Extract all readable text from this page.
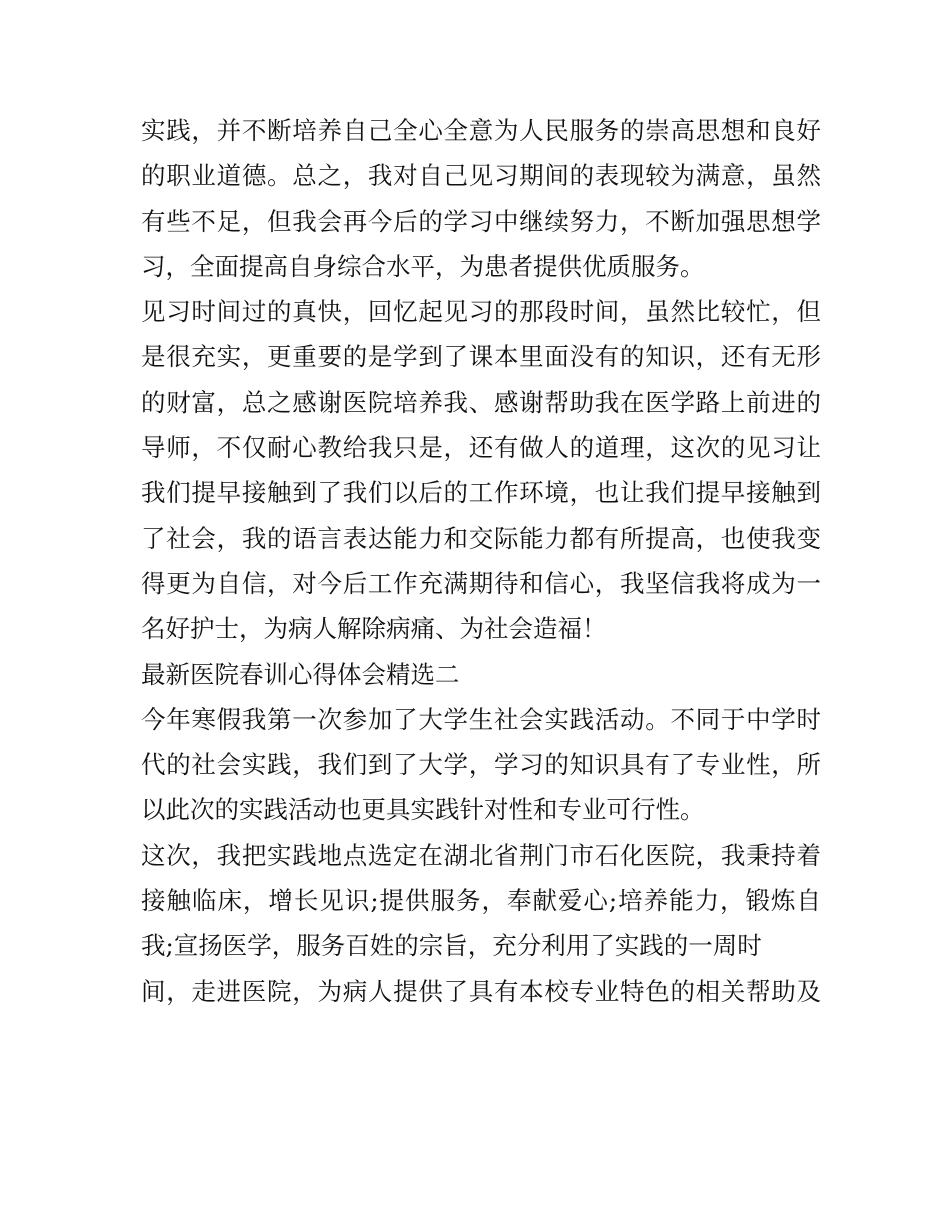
实践，并不断培养自己全心全意为人民服务的崇高思想和良好
的职业道德。总之，我对自己见习期间的表现较为满意，虽然
有些不足，但我会再今后的学习中继续努力，不断加强思想学
习，全面提高自身综合水平，为患者提供优质服务。
见习时间过的真快，回忆起见习的那段时间，虽然比较忙，但
是很充实，更重要的是学到了课本里面没有的知识，还有无形
的财富，总之感谢医院培养我、感谢帮助我在医学路上前进的
导师，不仅耐心教给我只是，还有做人的道理，这次的见习让
我们提早接触到了我们以后的工作环境，也让我们提早接触到
了社会，我的语言表达能力和交际能力都有所提高，也使我变
得更为自信，对今后工作充满期待和信心，我坚信我将成为一
名好护士，为病人解除病痛、为社会造福！
最新医院春训心得体会精选二
今年寒假我第一次参加了大学生社会实践活动。不同于中学时
代的社会实践，我们到了大学，学习的知识具有了专业性，所
以此次的实践活动也更具实践针对性和专业可行性。
这次，我把实践地点选定在湖北省荆门市石化医院，我秉持着
接触临床，增长见识;提供服务，奉献爱心;培养能力，锻炼自
我;宣扬医学，服务百姓的宗旨，充分利用了实践的一周时
间，走进医院，为病人提供了具有本校专业特色的相关帮助及
